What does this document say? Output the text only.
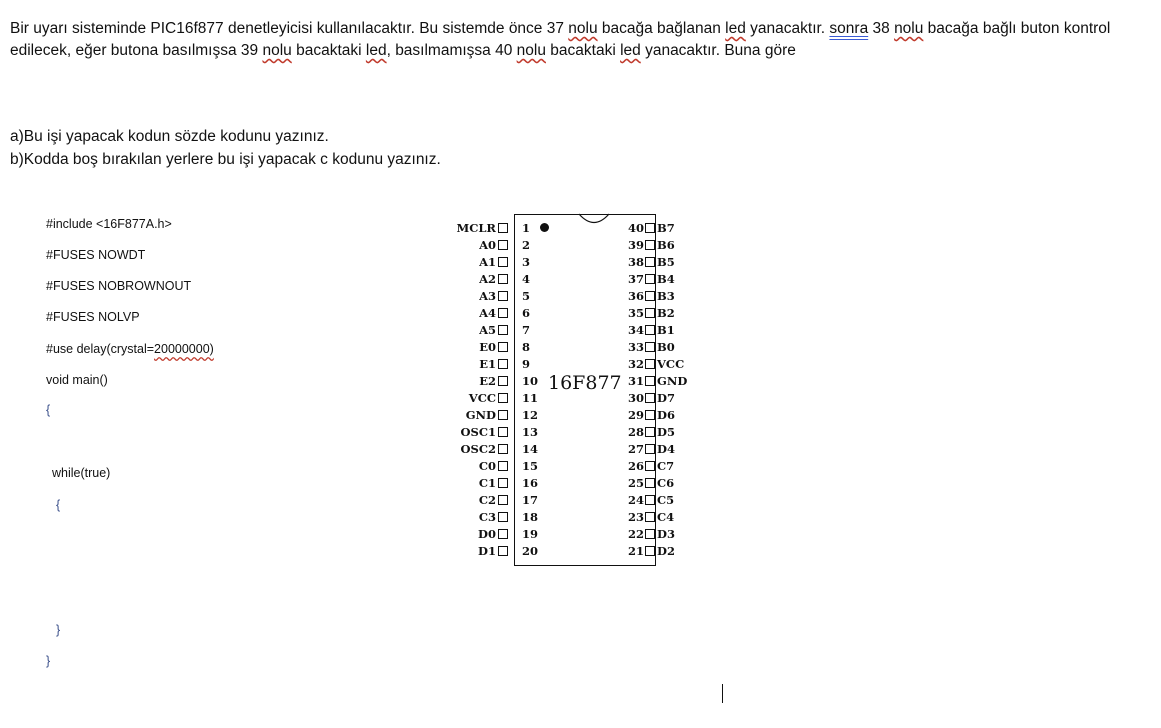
Bir uyarı sisteminde PIC16f877 denetleyicisi kullanılacaktır. Bu sistemde önce 37 nolu bacağa bağlanan led yanacaktır. sonra 38 nolu bacağa bağlı buton kontrol edilecek, eğer butona basılmışsa 39 nolu bacaktaki led, basılmamışsa 40 nolu bacaktaki led yanacaktır. Buna göre
a)Bu işi yapacak kodun sözde kodunu yazınız.
b)Kodda boş bırakılan yerlere bu işi yapacak c kodunu yazınız.
#include <16F877A.h>
#FUSES NOWDT
#FUSES NOBROWNOUT
#FUSES NOLVP
#use delay(crystal=20000000)
void main()
{
while(true)
{
}
}
16F877
MCLR	1
A0	2
A1	3
A2	4
A3	5
A4	6
A5	7
E0	8
E1	9
E2	10
VCC	11
GND	12
OSC1	13
OSC2	14
C0	15
C1	16
C2	17
C3	18
D0	19
D1	20
40	B7
39	B6
38	B5
37	B4
36	B3
35	B2
34	B1
33	B0
32	VCC
31	GND
30	D7
29	D6
28	D5
27	D4
26	C7
25	C6
24	C5
23	C4
22	D3
21	D2
